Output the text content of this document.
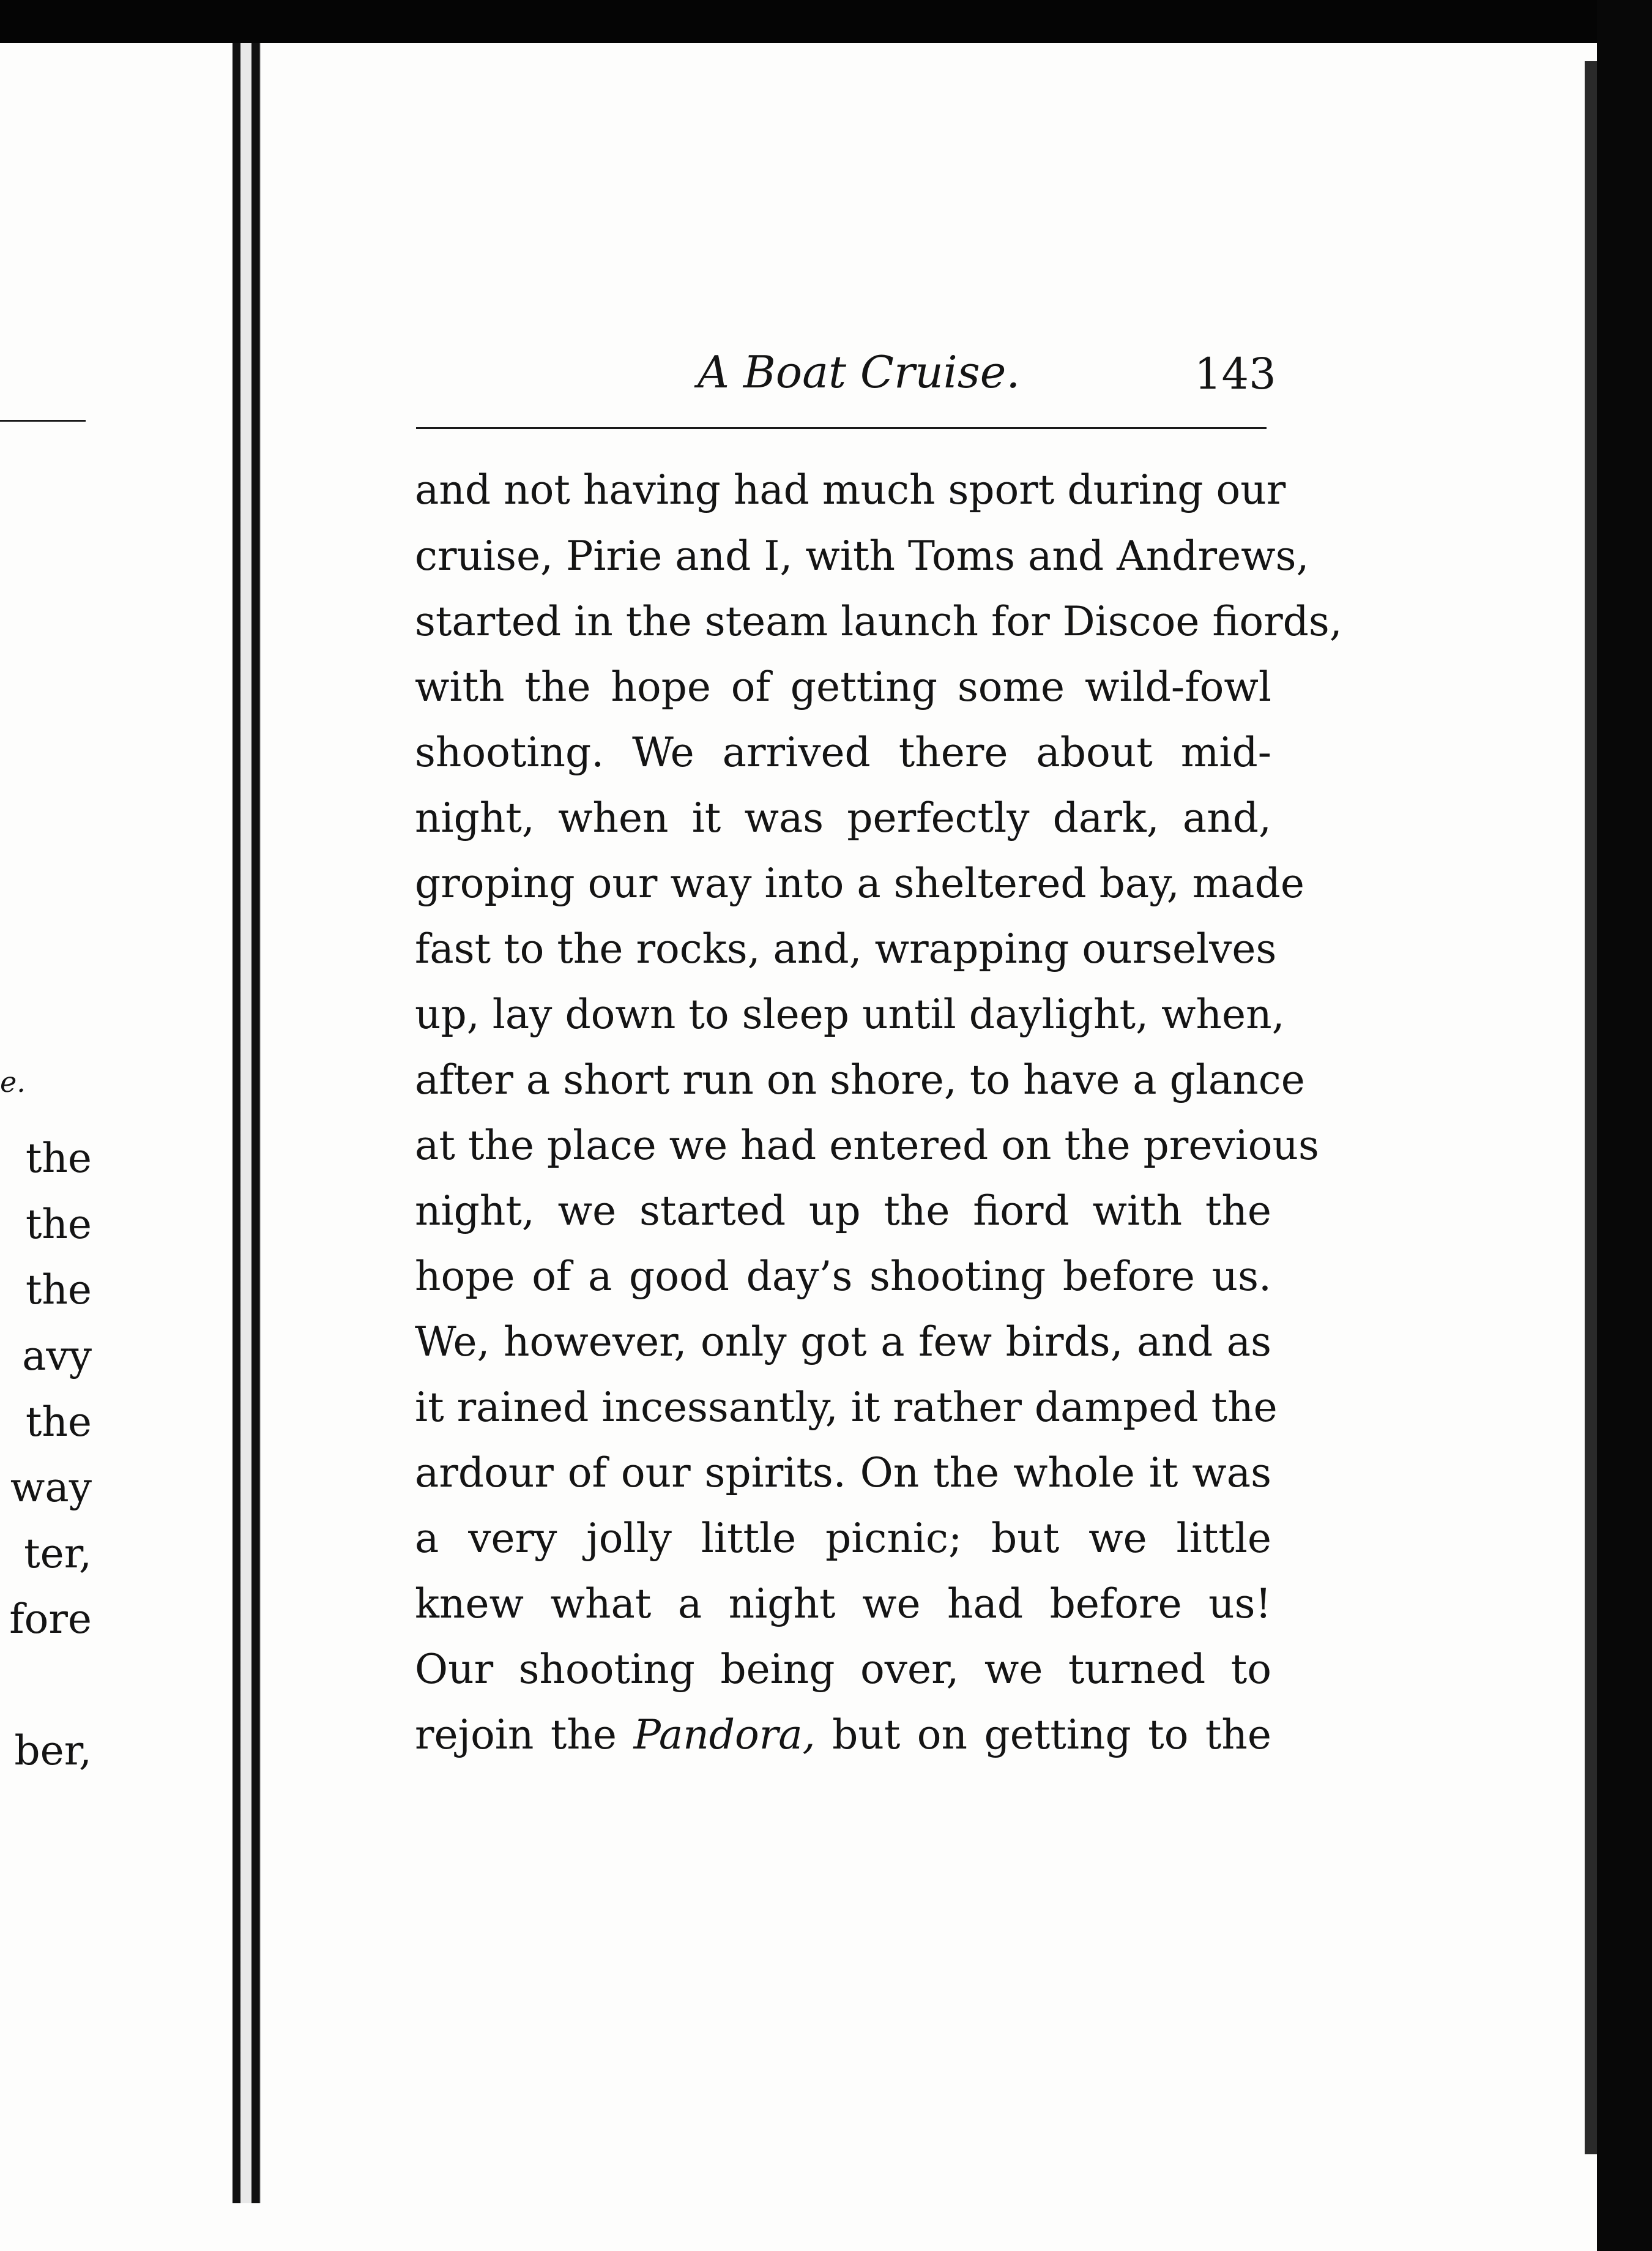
e.
the
the
the
avy
the
way
ter,
fore
ber,
A Boat Cruise.	143
and not having had much sport during our
cruise, Pirie and I, with Toms and Andrews,
started in the steam launch for Discoe fiords,
with the hope of getting some wild-fowl
shooting. We arrived there about mid-
night, when it was perfectly dark, and,
groping our way into a sheltered bay, made
fast to the rocks, and, wrapping ourselves
up, lay down to sleep until daylight, when,
after a short run on shore, to have a glance
at the place we had entered on the previous
night, we started up the fiord with the
hope of a good day’s shooting before us.
We, however, only got a few birds, and as
it rained incessantly, it rather damped the
ardour of our spirits. On the whole it was
a very jolly little picnic; but we little
knew what a night we had before us!
Our shooting being over, we turned to
rejoin the Pandora, but on getting to the
